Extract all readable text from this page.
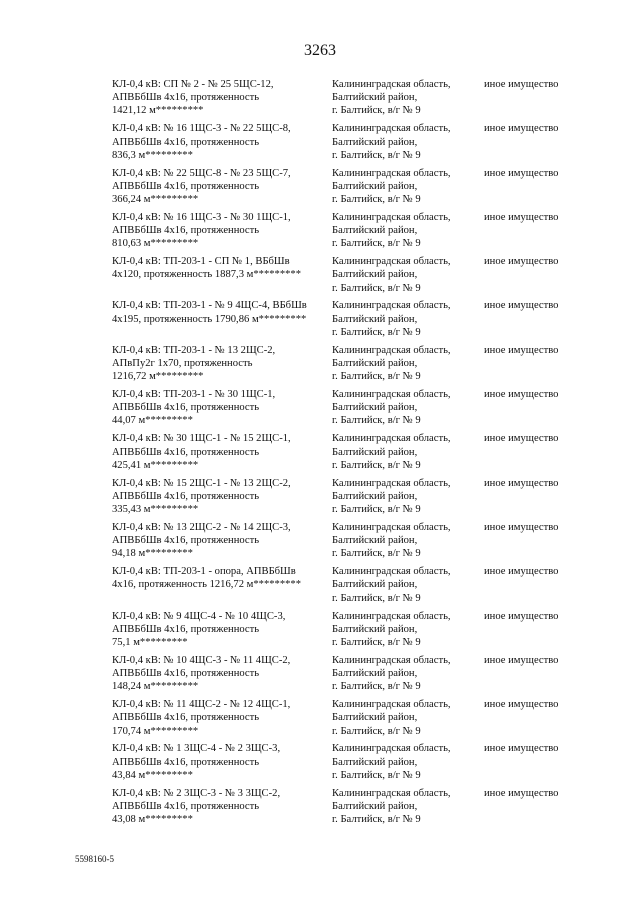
3263
КЛ-0,4 кВ: СП № 2 - № 25 5ЩС-12,
АПВБбШв 4х16, протяженность
1421,12 м*********
Калининградская область,
Балтийский район,
г. Балтийск, в/г № 9
иное имущество
КЛ-0,4 кВ: № 16 1ЩС-3 - № 22 5ЩС-8,
АПВБбШв 4х16, протяженность
836,3 м*********
Калининградская область,
Балтийский район,
г. Балтийск, в/г № 9
иное имущество
КЛ-0,4 кВ: № 22 5ЩС-8 - № 23 5ЩС-7,
АПВБбШв 4х16, протяженность
366,24 м*********
Калининградская область,
Балтийский район,
г. Балтийск, в/г № 9
иное имущество
КЛ-0,4 кВ: № 16 1ЩС-3 - № 30 1ЩС-1,
АПВБбШв 4х16, протяженность
810,63 м*********
Калининградская область,
Балтийский район,
г. Балтийск, в/г № 9
иное имущество
КЛ-0,4 кВ: ТП-203-1 - СП № 1, ВБбШв
4х120, протяженность 1887,3 м*********
Калининградская область,
Балтийский район,
г. Балтийск, в/г № 9
иное имущество
КЛ-0,4 кВ: ТП-203-1 - № 9 4ЩС-4, ВБбШв
4х195, протяженность 1790,86 м*********
Калининградская область,
Балтийский район,
г. Балтийск, в/г № 9
иное имущество
КЛ-0,4 кВ: ТП-203-1 - № 13 2ЩС-2,
АПвПу2г 1х70, протяженность
1216,72 м*********
Калининградская область,
Балтийский район,
г. Балтийск, в/г № 9
иное имущество
КЛ-0,4 кВ: ТП-203-1 - № 30 1ЩС-1,
АПВБбШв 4х16, протяженность
44,07 м*********
Калининградская область,
Балтийский район,
г. Балтийск, в/г № 9
иное имущество
КЛ-0,4 кВ: № 30 1ЩС-1 - № 15 2ЩС-1,
АПВБбШв 4х16, протяженность
425,41 м*********
Калининградская область,
Балтийский район,
г. Балтийск, в/г № 9
иное имущество
КЛ-0,4 кВ: № 15 2ЩС-1 - № 13 2ЩС-2,
АПВБбШв 4х16, протяженность
335,43 м*********
Калининградская область,
Балтийский район,
г. Балтийск, в/г № 9
иное имущество
КЛ-0,4 кВ: № 13 2ЩС-2 - № 14 2ЩС-3,
АПВБбШв 4х16, протяженность
94,18 м*********
Калининградская область,
Балтийский район,
г. Балтийск, в/г № 9
иное имущество
КЛ-0,4 кВ: ТП-203-1 - опора, АПВБбШв
4х16, протяженность 1216,72 м*********
Калининградская область,
Балтийский район,
г. Балтийск, в/г № 9
иное имущество
КЛ-0,4 кВ: № 9 4ЩС-4 - № 10 4ЩС-3,
АПВБбШв 4х16, протяженность
75,1 м*********
Калининградская область,
Балтийский район,
г. Балтийск, в/г № 9
иное имущество
КЛ-0,4 кВ: № 10 4ЩС-3 - № 11 4ЩС-2,
АПВБбШв 4х16, протяженность
148,24 м*********
Калининградская область,
Балтийский район,
г. Балтийск, в/г № 9
иное имущество
КЛ-0,4 кВ: № 11 4ЩС-2 - № 12 4ЩС-1,
АПВБбШв 4х16, протяженность
170,74 м*********
Калининградская область,
Балтийский район,
г. Балтийск, в/г № 9
иное имущество
КЛ-0,4 кВ: № 1 3ЩС-4 - № 2 3ЩС-3,
АПВБбШв 4х16, протяженность
43,84 м*********
Калининградская область,
Балтийский район,
г. Балтийск, в/г № 9
иное имущество
КЛ-0,4 кВ: № 2 3ЩС-3 - № 3 3ЩС-2,
АПВБбШв 4х16, протяженность
43,08 м*********
Калининградская область,
Балтийский район,
г. Балтийск, в/г № 9
иное имущество
5598160-5
